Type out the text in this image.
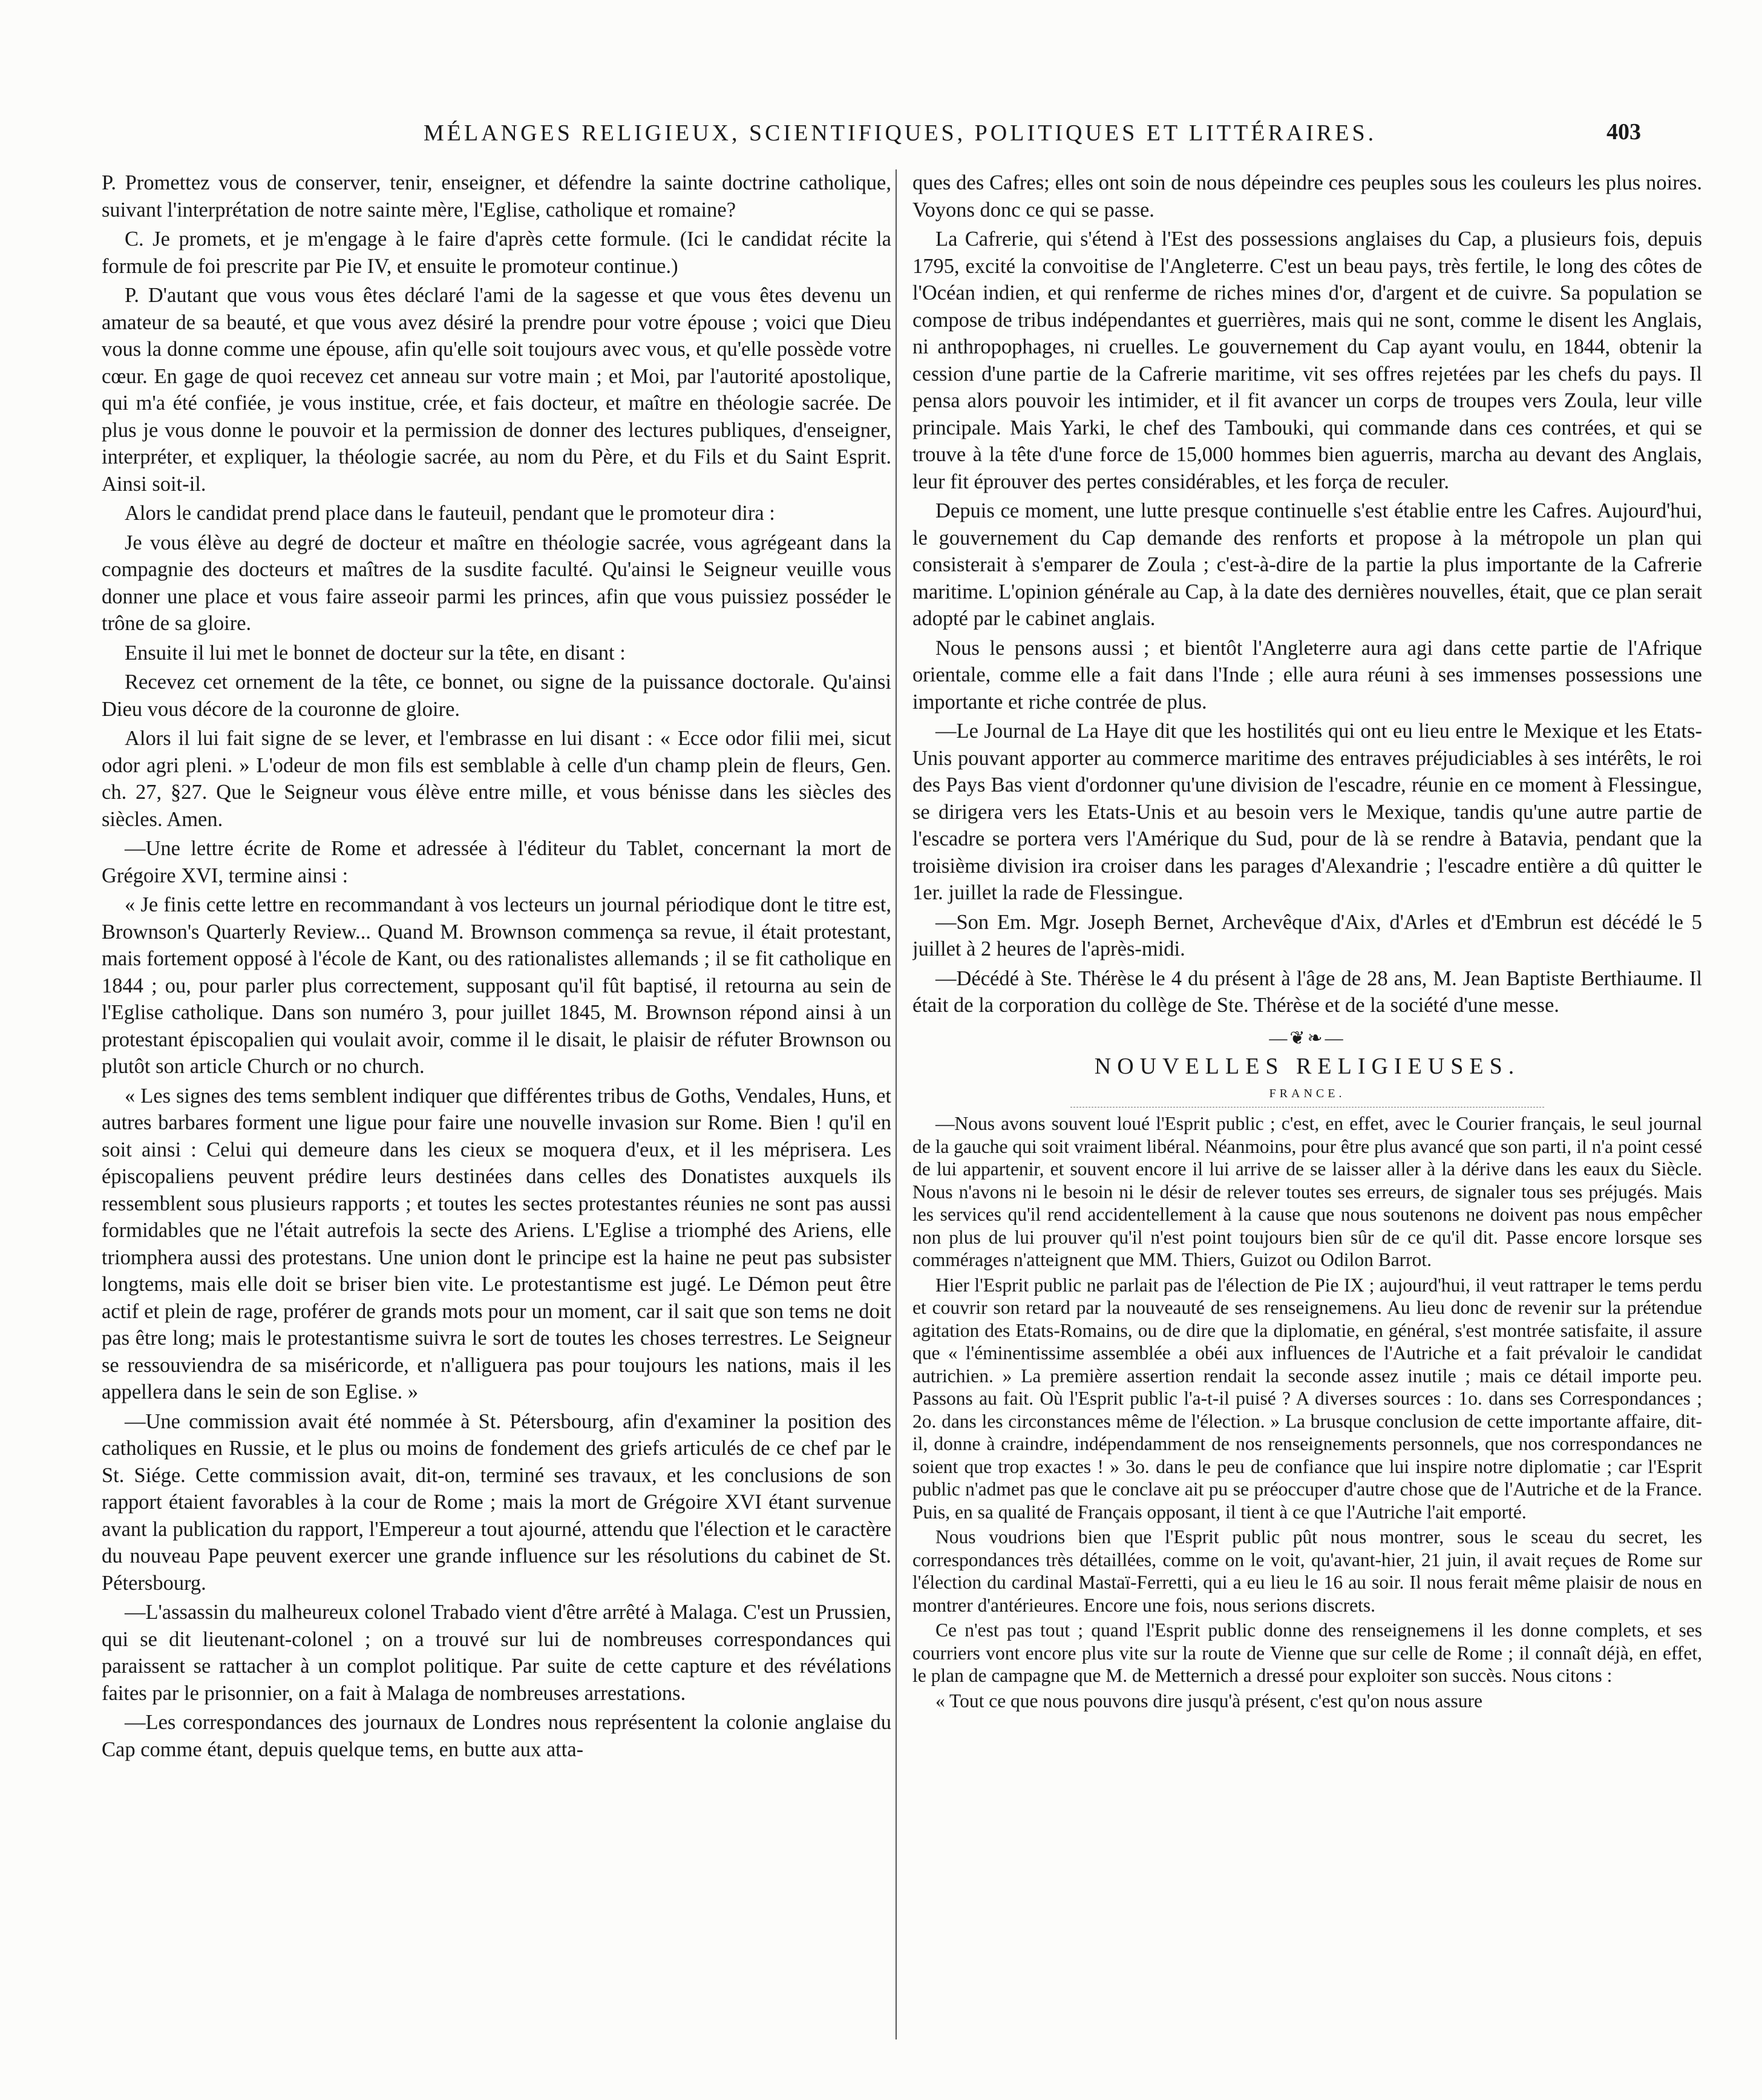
MÉLANGES RELIGIEUX, SCIENTIFIQUES, POLITIQUES ET LITTÉRAIRES.	403

P. Promettez vous de conserver, tenir, enseigner, et défendre la sainte doctrine catholique, suivant l'interprétation de notre sainte mère, l'Eglise, catholique et romaine?

C. Je promets, et je m'engage à le faire d'après cette formule. (Ici le candidat récite la formule de foi prescrite par Pie IV, et ensuite le promoteur continue.)

P. D'autant que vous vous êtes déclaré l'ami de la sagesse et que vous êtes devenu un amateur de sa beauté, et que vous avez désiré la prendre pour votre épouse ; voici que Dieu vous la donne comme une épouse, afin qu'elle soit toujours avec vous, et qu'elle possède votre cœur. En gage de quoi recevez cet anneau sur votre main ; et Moi, par l'autorité apostolique, qui m'a été confiée, je vous institue, crée, et fais docteur, et maître en théologie sacrée. De plus je vous donne le pouvoir et la permission de donner des lectures publiques, d'enseigner, interpréter, et expliquer, la théologie sacrée, au nom du Père, et du Fils et du Saint Esprit. Ainsi soit-il.

Alors le candidat prend place dans le fauteuil, pendant que le promoteur dira :

Je vous élève au degré de docteur et maître en théologie sacrée, vous agrégeant dans la compagnie des docteurs et maîtres de la susdite faculté. Qu'ainsi le Seigneur veuille vous donner une place et vous faire asseoir parmi les princes, afin que vous puissiez posséder le trône de sa gloire.

Ensuite il lui met le bonnet de docteur sur la tête, en disant :

Recevez cet ornement de la tête, ce bonnet, ou signe de la puissance doctorale. Qu'ainsi Dieu vous décore de la couronne de gloire.

Alors il lui fait signe de se lever, et l'embrasse en lui disant : « Ecce odor filii mei, sicut odor agri pleni. » L'odeur de mon fils est semblable à celle d'un champ plein de fleurs, Gen. ch. 27, §27. Que le Seigneur vous élève entre mille, et vous bénisse dans les siècles des siècles. Amen.

—Une lettre écrite de Rome et adressée à l'éditeur du Tablet, concernant la mort de Grégoire XVI, termine ainsi :

« Je finis cette lettre en recommandant à vos lecteurs un journal périodique dont le titre est, Brownson's Quarterly Review... Quand M. Brownson commença sa revue, il était protestant, mais fortement opposé à l'école de Kant, ou des rationalistes allemands ; il se fit catholique en 1844 ; ou, pour parler plus correctement, supposant qu'il fût baptisé, il retourna au sein de l'Eglise catholique. Dans son numéro 3, pour juillet 1845, M. Brownson répond ainsi à un protestant épiscopalien qui voulait avoir, comme il le disait, le plaisir de réfuter Brownson ou plutôt son article Church or no church.

« Les signes des tems semblent indiquer que différentes tribus de Goths, Vendales, Huns, et autres barbares forment une ligue pour faire une nouvelle invasion sur Rome. Bien ! qu'il en soit ainsi : Celui qui demeure dans les cieux se moquera d'eux, et il les méprisera. Les épiscopaliens peuvent prédire leurs destinées dans celles des Donatistes auxquels ils ressemblent sous plusieurs rapports ; et toutes les sectes protestantes réunies ne sont pas aussi formidables que ne l'était autrefois la secte des Ariens. L'Eglise a triomphé des Ariens, elle triomphera aussi des protestans. Une union dont le principe est la haine ne peut pas subsister longtems, mais elle doit se briser bien vite. Le protestantisme est jugé. Le Démon peut être actif et plein de rage, proférer de grands mots pour un moment, car il sait que son tems ne doit pas être long; mais le protestantisme suivra le sort de toutes les choses terrestres. Le Seigneur se ressouviendra de sa miséricorde, et n'alliguera pas pour toujours les nations, mais il les appellera dans le sein de son Eglise. »

—Une commission avait été nommée à St. Pétersbourg, afin d'examiner la position des catholiques en Russie, et le plus ou moins de fondement des griefs articulés de ce chef par le St. Siége. Cette commission avait, dit-on, terminé ses travaux, et les conclusions de son rapport étaient favorables à la cour de Rome ; mais la mort de Grégoire XVI étant survenue avant la publication du rapport, l'Empereur a tout ajourné, attendu que l'élection et le caractère du nouveau Pape peuvent exercer une grande influence sur les résolutions du cabinet de St. Pétersbourg.

—L'assassin du malheureux colonel Trabado vient d'être arrêté à Malaga. C'est un Prussien, qui se dit lieutenant-colonel ; on a trouvé sur lui de nombreuses correspondances qui paraissent se rattacher à un complot politique. Par suite de cette capture et des révélations faites par le prisonnier, on a fait à Malaga de nombreuses arrestations.

—Les correspondances des journaux de Londres nous représentent la colonie anglaise du Cap comme étant, depuis quelque tems, en butte aux atta-

ques des Cafres; elles ont soin de nous dépeindre ces peuples sous les couleurs les plus noires. Voyons donc ce qui se passe.

La Cafrerie, qui s'étend à l'Est des possessions anglaises du Cap, a plusieurs fois, depuis 1795, excité la convoitise de l'Angleterre. C'est un beau pays, très fertile, le long des côtes de l'Océan indien, et qui renferme de riches mines d'or, d'argent et de cuivre. Sa population se compose de tribus indépendantes et guerrières, mais qui ne sont, comme le disent les Anglais, ni anthropophages, ni cruelles. Le gouvernement du Cap ayant voulu, en 1844, obtenir la cession d'une partie de la Cafrerie maritime, vit ses offres rejetées par les chefs du pays. Il pensa alors pouvoir les intimider, et il fit avancer un corps de troupes vers Zoula, leur ville principale. Mais Yarki, le chef des Tambouki, qui commande dans ces contrées, et qui se trouve à la tête d'une force de 15,000 hommes bien aguerris, marcha au devant des Anglais, leur fit éprouver des pertes considérables, et les força de reculer.

Depuis ce moment, une lutte presque continuelle s'est établie entre les Cafres. Aujourd'hui, le gouvernement du Cap demande des renforts et propose à la métropole un plan qui consisterait à s'emparer de Zoula ; c'est-à-dire de la partie la plus importante de la Cafrerie maritime. L'opinion générale au Cap, à la date des dernières nouvelles, était, que ce plan serait adopté par le cabinet anglais.

Nous le pensons aussi ; et bientôt l'Angleterre aura agi dans cette partie de l'Afrique orientale, comme elle a fait dans l'Inde ; elle aura réuni à ses immenses possessions une importante et riche contrée de plus.

—Le Journal de La Haye dit que les hostilités qui ont eu lieu entre le Mexique et les Etats-Unis pouvant apporter au commerce maritime des entraves préjudiciables à ses intérêts, le roi des Pays Bas vient d'ordonner qu'une division de l'escadre, réunie en ce moment à Flessingue, se dirigera vers les Etats-Unis et au besoin vers le Mexique, tandis qu'une autre partie de l'escadre se portera vers l'Amérique du Sud, pour de là se rendre à Batavia, pendant que la troisième division ira croiser dans les parages d'Alexandrie ; l'escadre entière a dû quitter le 1er. juillet la rade de Flessingue.

—Son Em. Mgr. Joseph Bernet, Archevêque d'Aix, d'Arles et d'Embrun est décédé le 5 juillet à 2 heures de l'après-midi.

—Décédé à Ste. Thérèse le 4 du présent à l'âge de 28 ans, M. Jean Baptiste Berthiaume. Il était de la corporation du collège de Ste. Thérèse et de la société d'une messe.

—❦❧—
NOUVELLES RELIGIEUSES.
FRANCE.

—Nous avons souvent loué l'Esprit public ; c'est, en effet, avec le Courier français, le seul journal de la gauche qui soit vraiment libéral. Néanmoins, pour être plus avancé que son parti, il n'a point cessé de lui appartenir, et souvent encore il lui arrive de se laisser aller à la dérive dans les eaux du Siècle. Nous n'avons ni le besoin ni le désir de relever toutes ses erreurs, de signaler tous ses préjugés. Mais les services qu'il rend accidentellement à la cause que nous soutenons ne doivent pas nous empêcher non plus de lui prouver qu'il n'est point toujours bien sûr de ce qu'il dit. Passe encore lorsque ses commérages n'atteignent que MM. Thiers, Guizot ou Odilon Barrot.

Hier l'Esprit public ne parlait pas de l'élection de Pie IX ; aujourd'hui, il veut rattraper le tems perdu et couvrir son retard par la nouveauté de ses renseignemens. Au lieu donc de revenir sur la prétendue agitation des Etats-Romains, ou de dire que la diplomatie, en général, s'est montrée satisfaite, il assure que « l'éminentissime assemblée a obéi aux influences de l'Autriche et a fait prévaloir le candidat autrichien. » La première assertion rendait la seconde assez inutile ; mais ce détail importe peu. Passons au fait. Où l'Esprit public l'a-t-il puisé ? A diverses sources : 1o. dans ses Correspondances ; 2o. dans les circonstances même de l'élection. » La brusque conclusion de cette importante affaire, dit-il, donne à craindre, indépendamment de nos renseignements personnels, que nos correspondances ne soient que trop exactes ! » 3o. dans le peu de confiance que lui inspire notre diplomatie ; car l'Esprit public n'admet pas que le conclave ait pu se préoccuper d'autre chose que de l'Autriche et de la France. Puis, en sa qualité de Français opposant, il tient à ce que l'Autriche l'ait emporté.

Nous voudrions bien que l'Esprit public pût nous montrer, sous le sceau du secret, les correspondances très détaillées, comme on le voit, qu'avant-hier, 21 juin, il avait reçues de Rome sur l'élection du cardinal Mastaï-Ferretti, qui a eu lieu le 16 au soir. Il nous ferait même plaisir de nous en montrer d'antérieures. Encore une fois, nous serions discrets.

Ce n'est pas tout ; quand l'Esprit public donne des renseignemens il les donne complets, et ses courriers vont encore plus vite sur la route de Vienne que sur celle de Rome ; il connaît déjà, en effet, le plan de campagne que M. de Metternich a dressé pour exploiter son succès. Nous citons :

« Tout ce que nous pouvons dire jusqu'à présent, c'est qu'on nous assure
